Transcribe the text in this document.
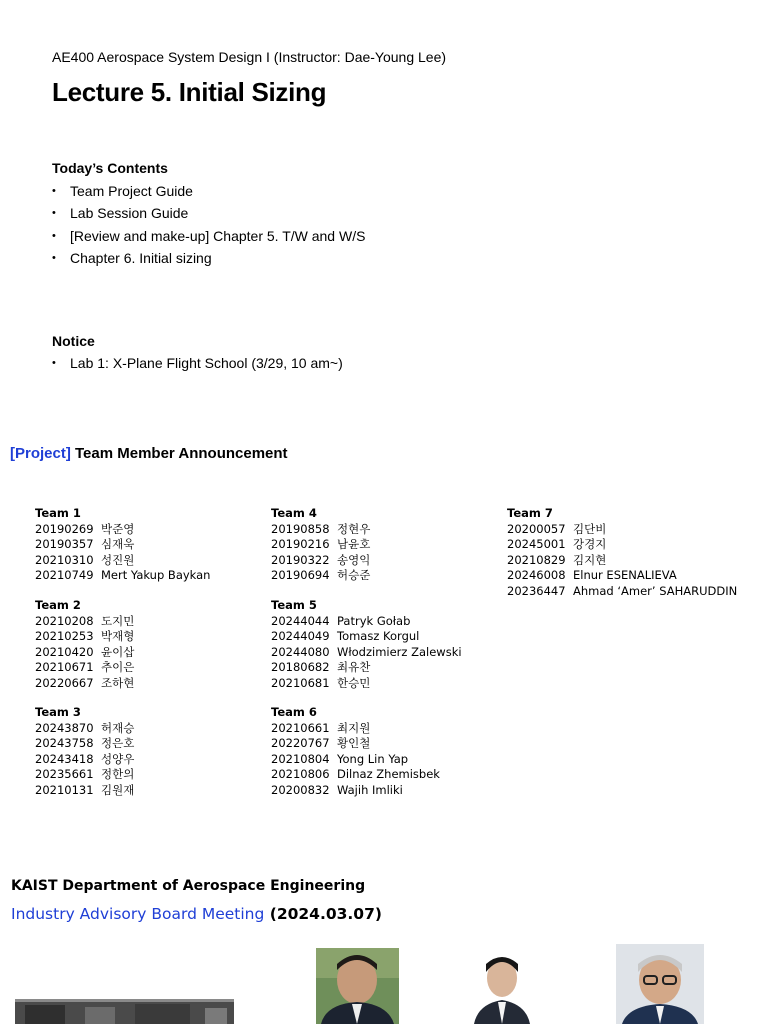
AE400 Aerospace System Design I (Instructor: Dae-Young Lee)
Lecture 5. Initial Sizing
Today’s Contents
• Team Project Guide
• Lab Session Guide
• [Review and make-up] Chapter 5. T/W and W/S
• Chapter 6. Initial sizing
Notice
• Lab 1: X-Plane Flight School (3/29, 10 am~)
[Project] Team Member Announcement
Team 1
20190269 박준영
20190357 심재욱
20210310 성진원
20210749 Mert Yakup Baykan
Team 2
20210208 도지민
20210253 박재형
20210420 윤이삽
20210671 추이은
20220667 조하현
Team 3
20243870 허재승
20243758 정은호
20243418 성양우
20235661 정한의
20210131 김원재
Team 4
20190858 정현우
20190216 남윤호
20190322 송영익
20190694 허승준
Team 5
20244044 Patryk Gołab
20244049 Tomasz Korgul
20244080 Włodzimierz Zalewski
20180682 최유찬
20210681 한승민
Team 6
20210661 최지원
20220767 황인철
20210804 Yong Lin Yap
20210806 Dilnaz Zhemisbek
20200832 Wajih Imliki
Team 7
20200057 김단비
20245001 강경지
20210829 김지현
20246008 Elnur ESENALIEVA
20236447 Ahmad ‘Amer’ SAHARUDDIN
KAIST Department of Aerospace Engineering
Industry Advisory Board Meeting (2024.03.07)
